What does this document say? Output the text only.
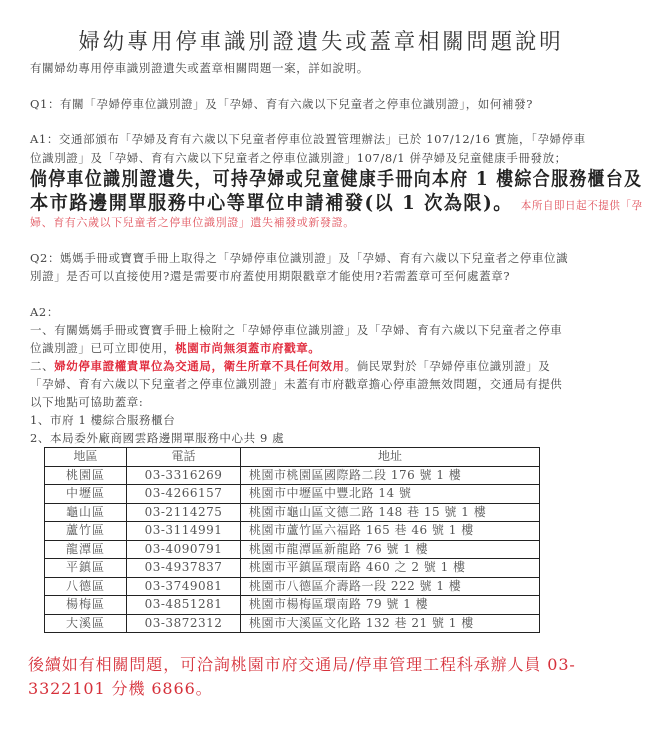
婦幼專用停車識別證遺失或蓋章相關問題說明
有關婦幼專用停車識別證遺失或蓋章相關問題一案，詳如說明。
Q1：有關「孕婦停車位識別證」及「孕婦、育有六歲以下兒童者之停車位識別證」，如何補發?
A1：交通部頒布「孕婦及育有六歲以下兒童者停車位設置管理辦法」已於 107/12/16 實施，「孕婦停車
位識別證」及「孕婦、育有六歲以下兒童者之停車位識別證」107/8/1 併孕婦及兒童健康手冊發放；
倘停車位識別證遺失，可持孕婦或兒童健康手冊向本府 1 樓綜合服務櫃台及
本市路邊開單服務中心等單位申請補發(以 1 次為限)。 本所自即日起不提供「孕
婦、育有六歲以下兒童者之停車位識別證」遺失補發或新發證。
Q2：媽媽手冊或寶寶手冊上取得之「孕婦停車位識別證」及「孕婦、育有六歲以下兒童者之停車位識
別證」是否可以直接使用?還是需要市府蓋使用期限戳章才能使用?若需蓋章可至何處蓋章?
A2：
一、有關媽媽手冊或寶寶手冊上檢附之「孕婦停車位識別證」及「孕婦、育有六歲以下兒童者之停車
位識別證」已可立即使用，桃園市尚無須蓋市府戳章。
二、婦幼停車證權責單位為交通局，衛生所章不具任何效用。倘民眾對於「孕婦停車位識別證」及
「孕婦、育有六歲以下兒童者之停車位識別證」未蓋有市府戳章擔心停車證無效問題，交通局有提供
以下地點可協助蓋章:
1、市府 1 樓綜合服務櫃台
2、本局委外廠商國雲路邊開單服務中心共 9 處
地區	電話	地址
桃園區	03-3316269	桃園市桃園區國際路二段 176 號 1 樓
中壢區	03-4266157	桃園市中壢區中豐北路 14 號
龜山區	03-2114275	桃園市龜山區文德二路 148 巷 15 號 1 樓
蘆竹區	03-3114991	桃園市蘆竹區六福路 165 巷 46 號 1 樓
龍潭區	03-4090791	桃園市龍潭區新龍路 76 號 1 樓
平鎮區	03-4937837	桃園市平鎮區環南路 460 之 2 號 1 樓
八德區	03-3749081	桃園市八德區介壽路一段 222 號 1 樓
楊梅區	03-4851281	桃園市楊梅區環南路 79 號 1 樓
大溪區	03-3872312	桃園市大溪區文化路 132 巷 21 號 1 樓
後續如有相關問題，可洽詢桃園市府交通局/停車管理工程科承辦人員 03-
3322101 分機 6866。
